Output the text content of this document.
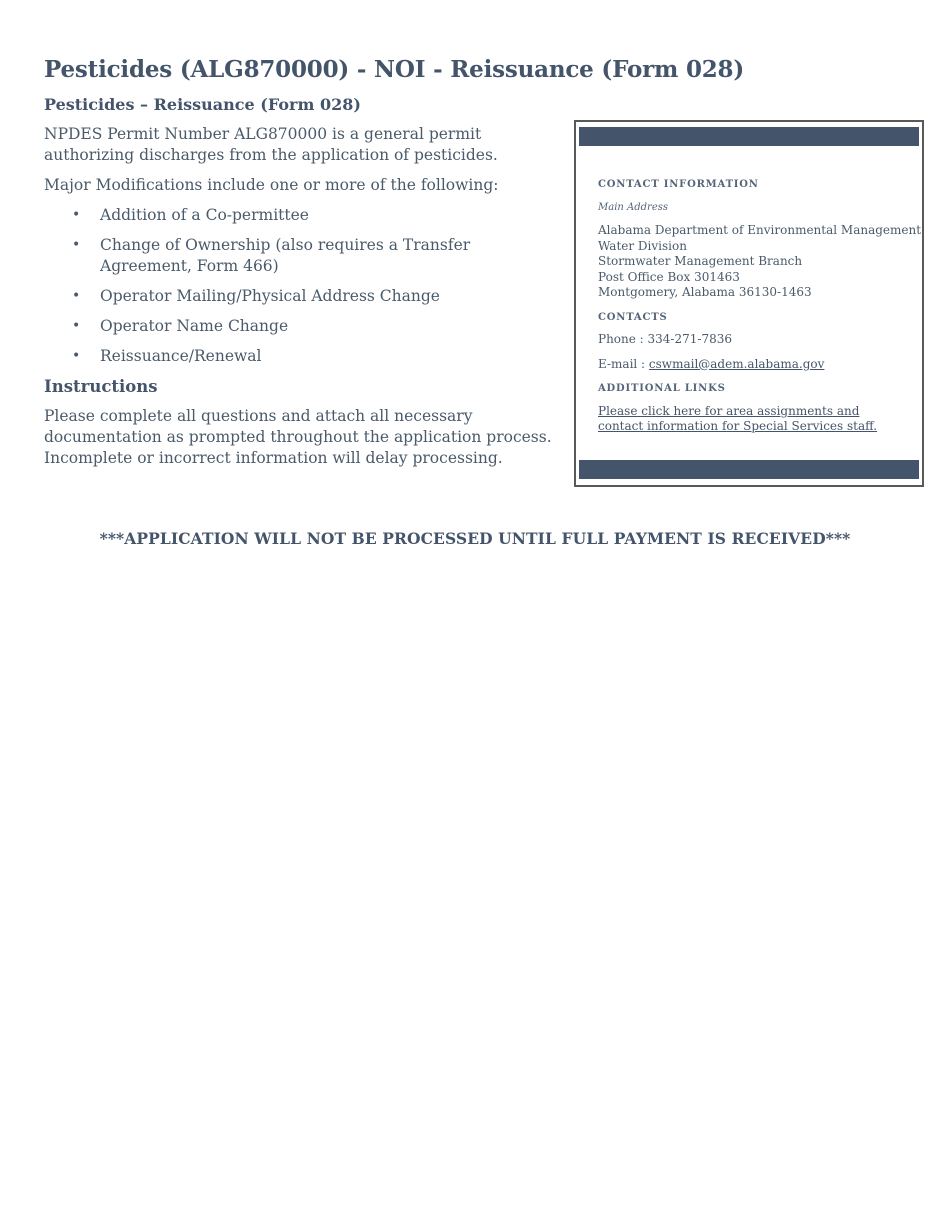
Pesticides (ALG870000) - NOI - Reissuance (Form 028)
Pesticides – Reissuance (Form 028)

NPDES Permit Number ALG870000 is a general permit authorizing discharges from the application of pesticides.

Major Modifications include one or more of the following:

• Addition of a Co-permittee
• Change of Ownership (also requires a Transfer Agreement, Form 466)
• Operator Mailing/Physical Address Change
• Operator Name Change
• Reissuance/Renewal
Instructions

Please complete all questions and attach all necessary documentation as prompted throughout the application process. Incomplete or incorrect information will delay processing.

CONTACT INFORMATION

Main Address

Alabama Department of Environmental Management
Water Division
Stormwater Management Branch
Post Office Box 301463
Montgomery, Alabama 36130-1463

CONTACTS

Phone : 334-271-7836

E-mail : cswmail@adem.alabama.gov

ADDITIONAL LINKS

Please click here for area assignments and contact information for Special Services staff.

***APPLICATION WILL NOT BE PROCESSED UNTIL FULL PAYMENT IS RECEIVED***
